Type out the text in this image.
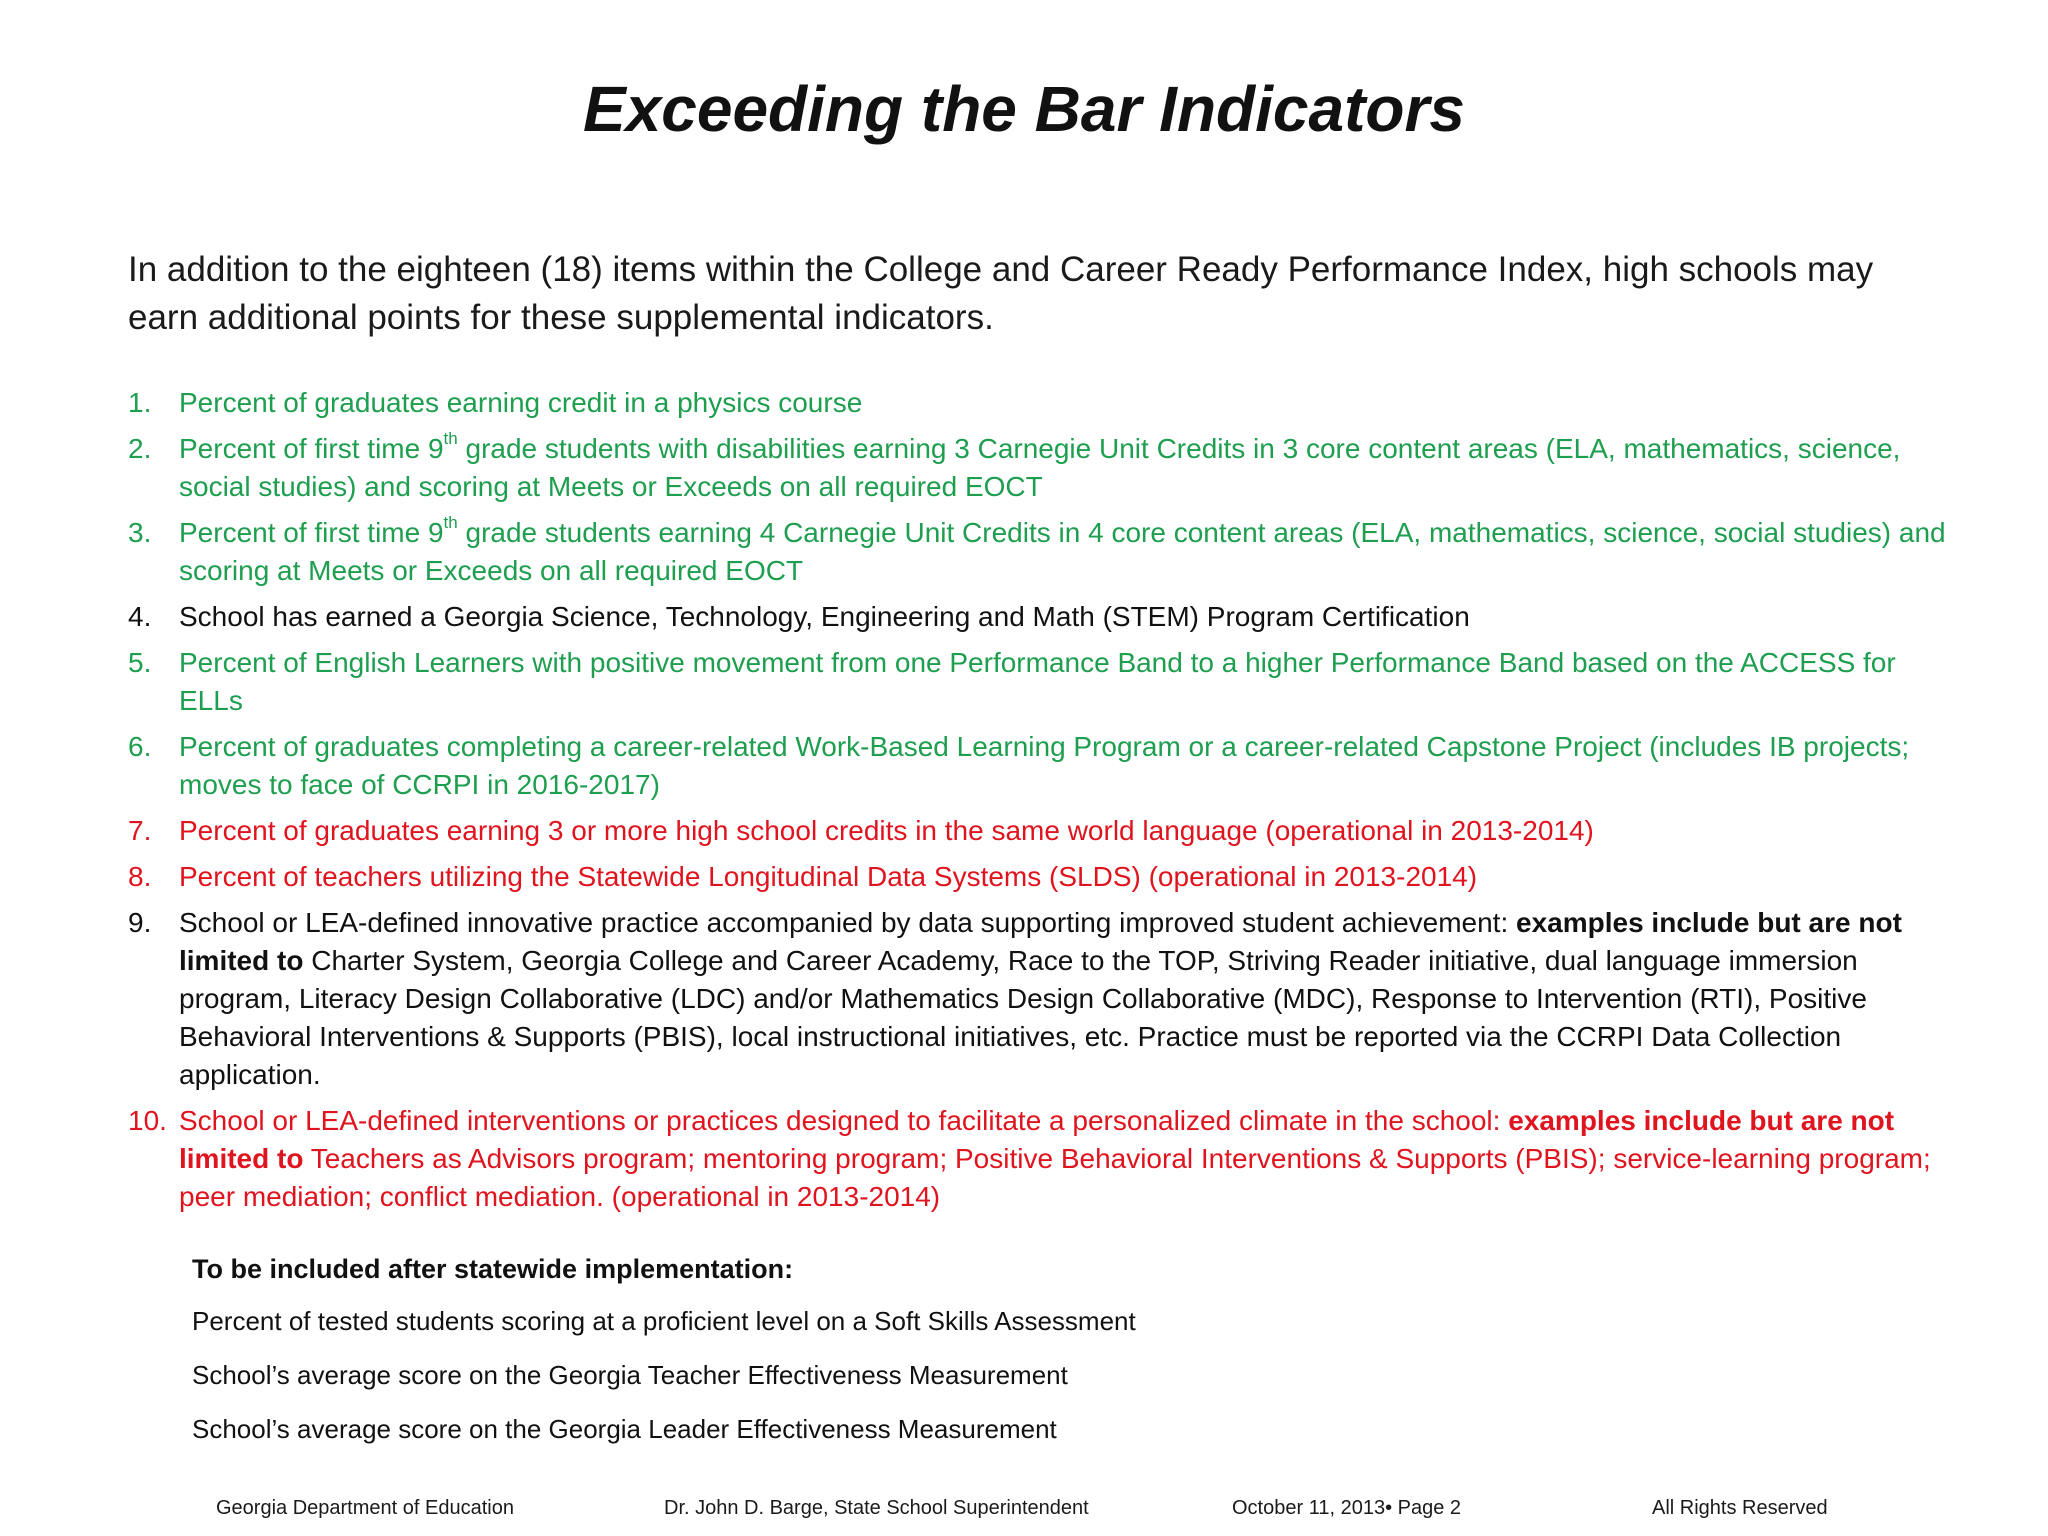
Exceeding the Bar Indicators
In addition to the eighteen (18) items within the College and Career Ready Performance Index, high schools may earn additional points for these supplemental indicators.
1. Percent of graduates earning credit in a physics course
2. Percent of first time 9th grade students with disabilities earning 3 Carnegie Unit Credits in 3 core content areas (ELA, mathematics, science, social studies) and scoring at Meets or Exceeds on all required EOCT
3. Percent of first time 9th grade students earning 4 Carnegie Unit Credits in 4 core content areas (ELA, mathematics, science, social studies) and scoring at Meets or Exceeds on all required EOCT
4. School has earned a Georgia Science, Technology, Engineering and Math (STEM) Program Certification
5. Percent of English Learners with positive movement from one Performance Band to a higher Performance Band based on the ACCESS for ELLs
6. Percent of graduates completing a career-related Work-Based Learning Program or a career-related Capstone Project (includes IB projects; moves to face of CCRPI in 2016-2017)
7. Percent of graduates earning 3 or more high school credits in the same world language (operational in 2013-2014)
8. Percent of teachers utilizing the Statewide Longitudinal Data Systems (SLDS) (operational in 2013-2014)
9. School or LEA-defined innovative practice accompanied by data supporting improved student achievement: examples include but are not limited to Charter System, Georgia College and Career Academy, Race to the TOP, Striving Reader initiative, dual language immersion program, Literacy Design Collaborative (LDC) and/or Mathematics Design Collaborative (MDC), Response to Intervention (RTI), Positive Behavioral Interventions & Supports (PBIS), local instructional initiatives, etc. Practice must be reported via the CCRPI Data Collection application.
10. School or LEA-defined interventions or practices designed to facilitate a personalized climate in the school: examples include but are not limited to Teachers as Advisors program; mentoring program; Positive Behavioral Interventions & Supports (PBIS); service-learning program; peer mediation; conflict mediation. (operational in 2013-2014)
To be included after statewide implementation:
Percent of tested students scoring at a proficient level on a Soft Skills Assessment
School’s average score on the Georgia Teacher Effectiveness Measurement
School’s average score on the Georgia Leader Effectiveness Measurement
Georgia Department of Education	Dr. John D. Barge, State School Superintendent	October 11, 2013• Page 2	All Rights Reserved
